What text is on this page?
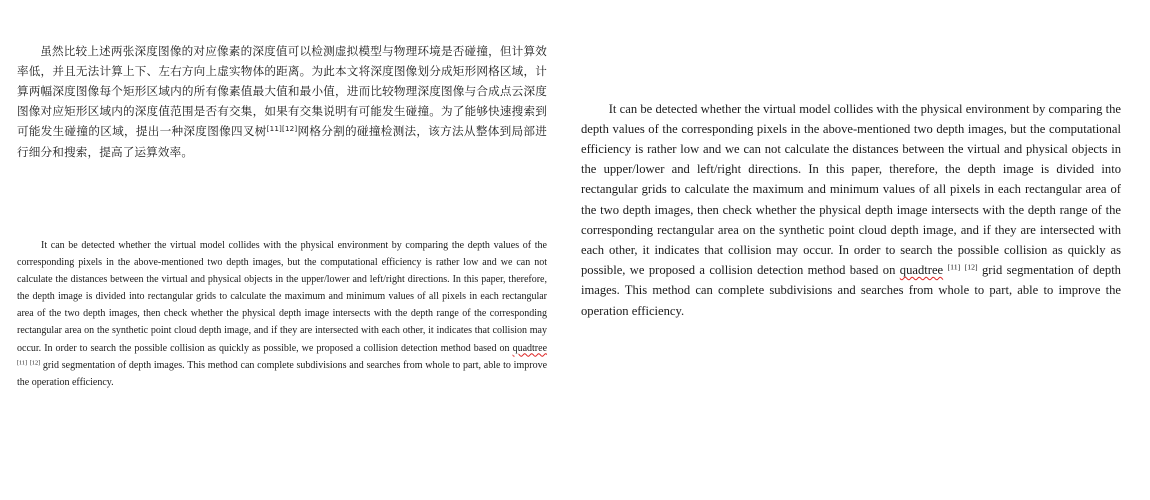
虽然比较上述两张深度图像的对应像素的深度值可以检测虚拟模型与物理环境是否碰撞，但计算效率低，并且无法计算上下、左右方向上虚实物体的距离。为此本文将深度图像划分成矩形网格区域，计算两幅深度图像每个矩形区域内的所有像素值最大值和最小值，进而比较物理深度图像与合成点云深度图像对应矩形区域内的深度值范围是否有交集，如果有交集说明有可能发生碰撞。为了能够快速搜索到可能发生碰撞的区域，提出一种深度图像四叉树[11][12]网格分割的碰撞检测法，该方法从整体到局部进行细分和搜索，提高了运算效率。

It can be detected whether the virtual model collides with the physical environment by comparing the depth values of the corresponding pixels in the above-mentioned two depth images, but the computational efficiency is rather low and we can not calculate the distances between the virtual and physical objects in the upper/lower and left/right directions. In this paper, therefore, the depth image is divided into rectangular grids to calculate the maximum and minimum values of all pixels in each rectangular area of the two depth images, then check whether the physical depth image intersects with the depth range of the corresponding rectangular area on the synthetic point cloud depth image, and if they are intersected with each other, it indicates that collision may occur. In order to search the possible collision as quickly as possible, we proposed a collision detection method based on quadtree [11] [12] grid segmentation of depth images. This method can complete subdivisions and searches from whole to part, able to improve the operation efficiency.

It can be detected whether the virtual model collides with the physical environment by comparing the depth values of the corresponding pixels in the above-mentioned two depth images, but the computational efficiency is rather low and we can not calculate the distances between the virtual and physical objects in the upper/lower and left/right directions. In this paper, therefore, the depth image is divided into rectangular grids to calculate the maximum and minimum values of all pixels in each rectangular area of the two depth images, then check whether the physical depth image intersects with the depth range of the corresponding rectangular area on the synthetic point cloud depth image, and if they are intersected with each other, it indicates that collision may occur. In order to search the possible collision as quickly as possible, we proposed a collision detection method based on quadtree [11] [12] grid segmentation of depth images. This method can complete subdivisions and searches from whole to part, able to improve the operation efficiency.
